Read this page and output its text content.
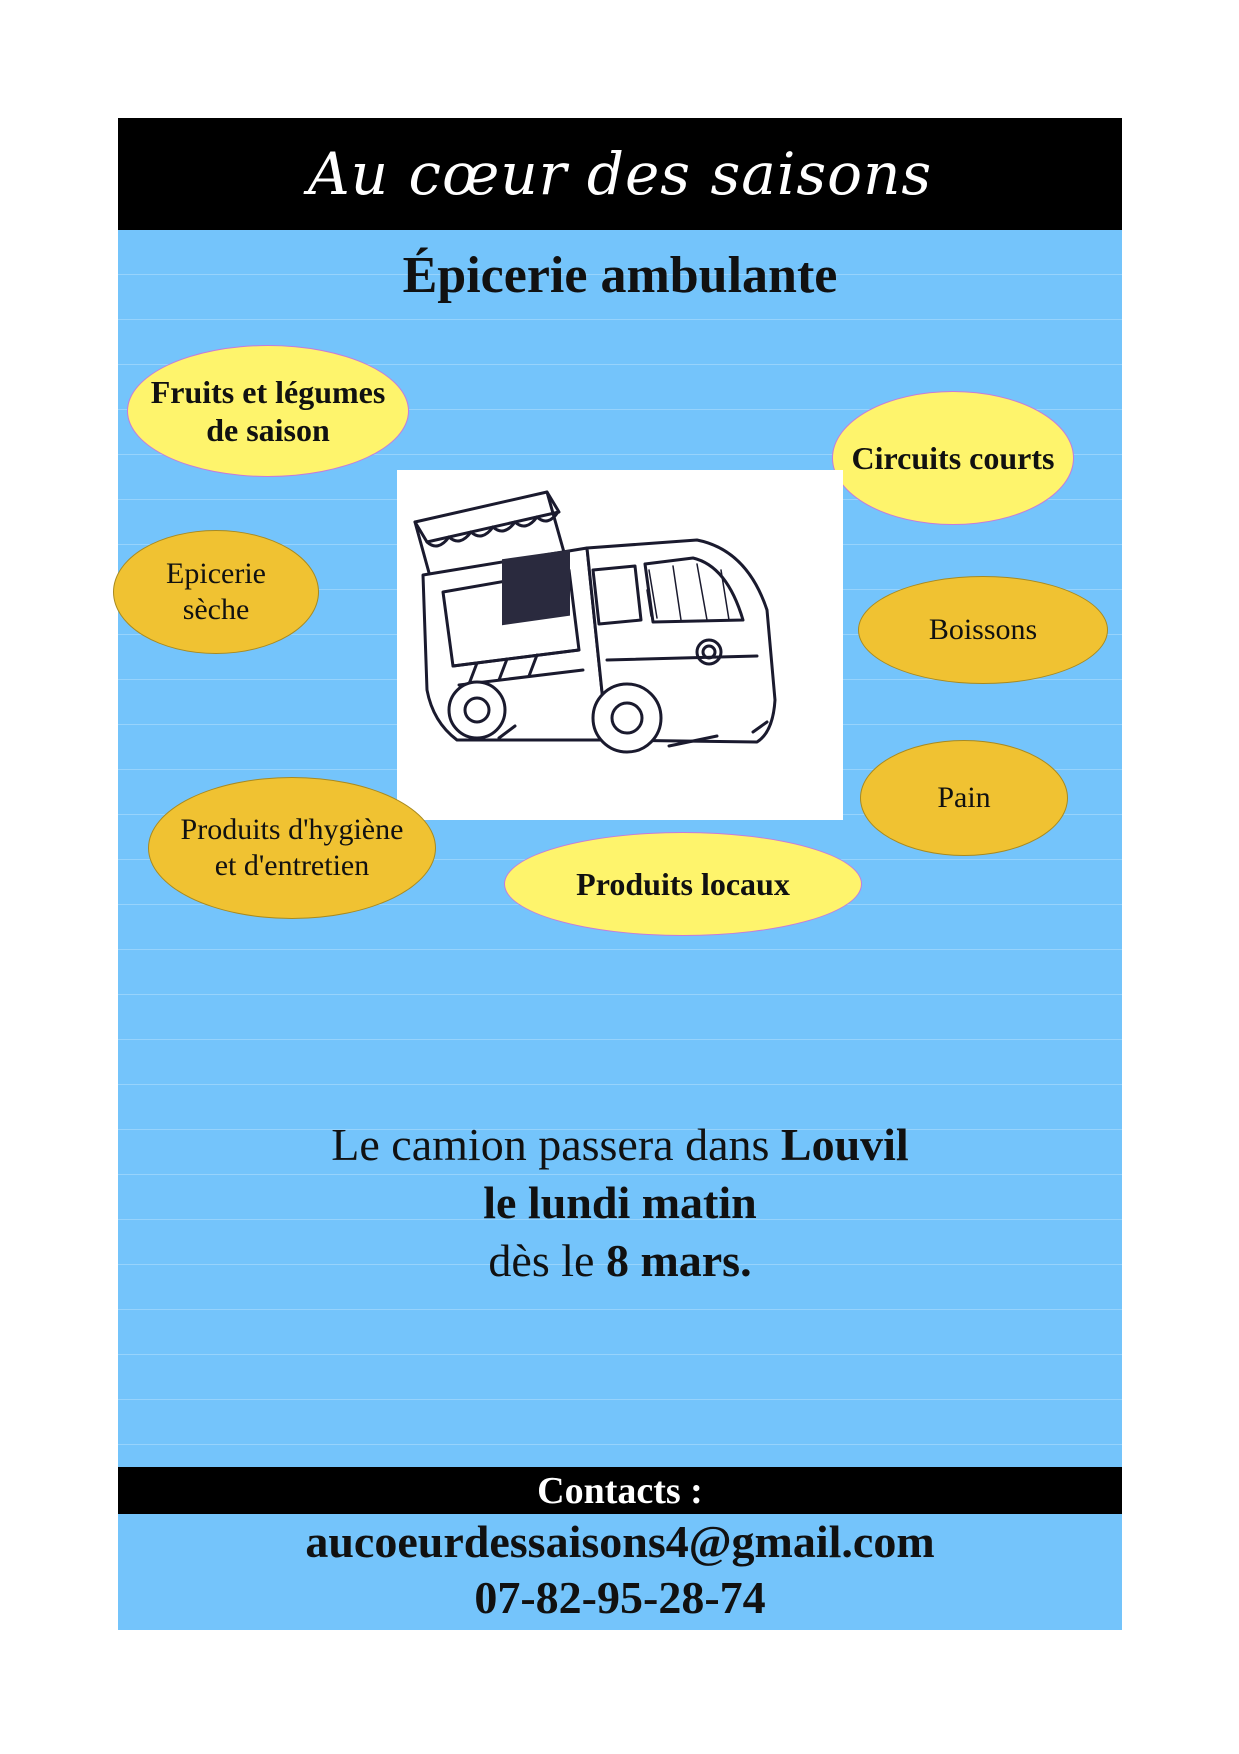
Au cœur des saisons
Épicerie ambulante
Fruits et légumes
de saison
Circuits courts
Epicerie
sèche
Boissons
Pain
Produits d'hygiène
et d'entretien
Produits locaux
Le camion passera dans Louvil
le lundi matin
dès le 8 mars.
Contacts :
aucoeurdessaisons4@gmail.com
07-82-95-28-74
